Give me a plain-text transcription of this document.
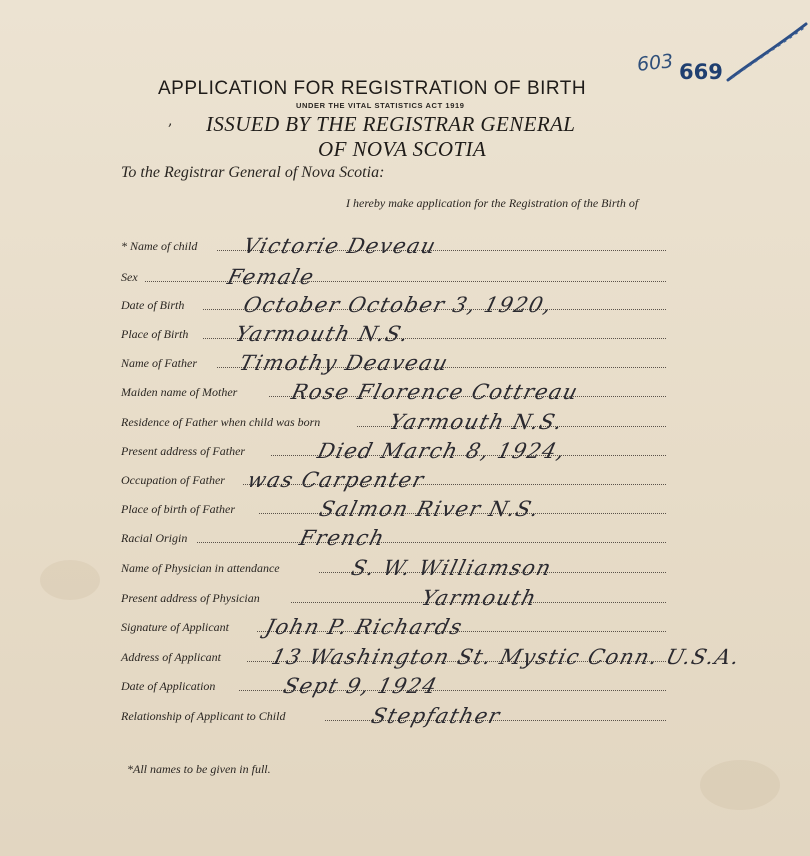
603 669
APPLICATION FOR REGISTRATION OF BIRTH
UNDER THE VITAL STATISTICS ACT 1919
, ISSUED BY THE REGISTRAR GENERAL
OF NOVA SCOTIA
To the Registrar General of Nova Scotia:
I hereby make application for the Registration of the Birth of
* Name of child Victorie Deveau
Sex	Female
Date of Birth	October October 3, 1920,
Place of Birth Yarmouth N.S.
Name of Father Timothy Deaveau
Maiden name of Mother Rose Florence Cottreau
Residence of Father when child was born	Yarmouth N.S.
Present address of Father	Died March 8, 1924,
Occupation of Father was Carpenter
Place of birth of Father	Salmon River N.S.
Racial Origin	French
Name of Physician in attendance	S. W. Williamson
Present address of Physician	Yarmouth
Signature of Applicant John P. Richards
Address of Applicant 13 Washington St. Mystic Conn. U.S.A.
Date of Application	Sept 9, 1924
Relationship of Applicant to Child	Stepfather
*All names to be given in full.
